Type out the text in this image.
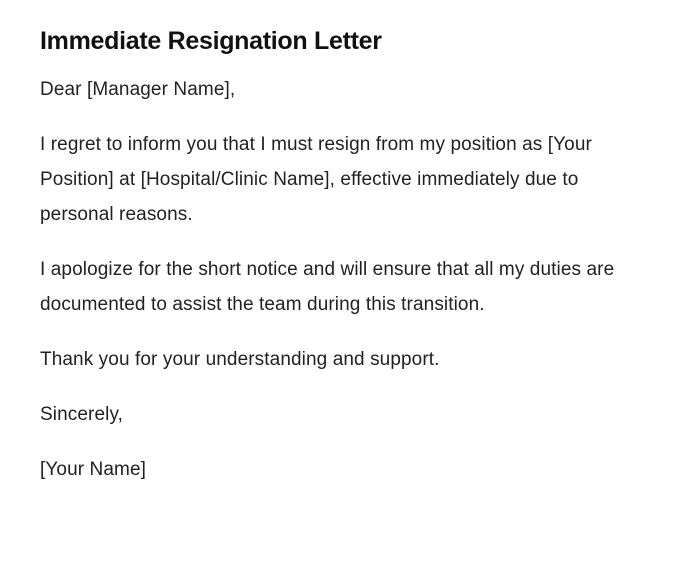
Immediate Resignation Letter

Dear [Manager Name],

I regret to inform you that I must resign from my position as [Your Position] at [Hospital/Clinic Name], effective immediately due to personal reasons.

I apologize for the short notice and will ensure that all my duties are documented to assist the team during this transition.

Thank you for your understanding and support.

Sincerely,

[Your Name]
